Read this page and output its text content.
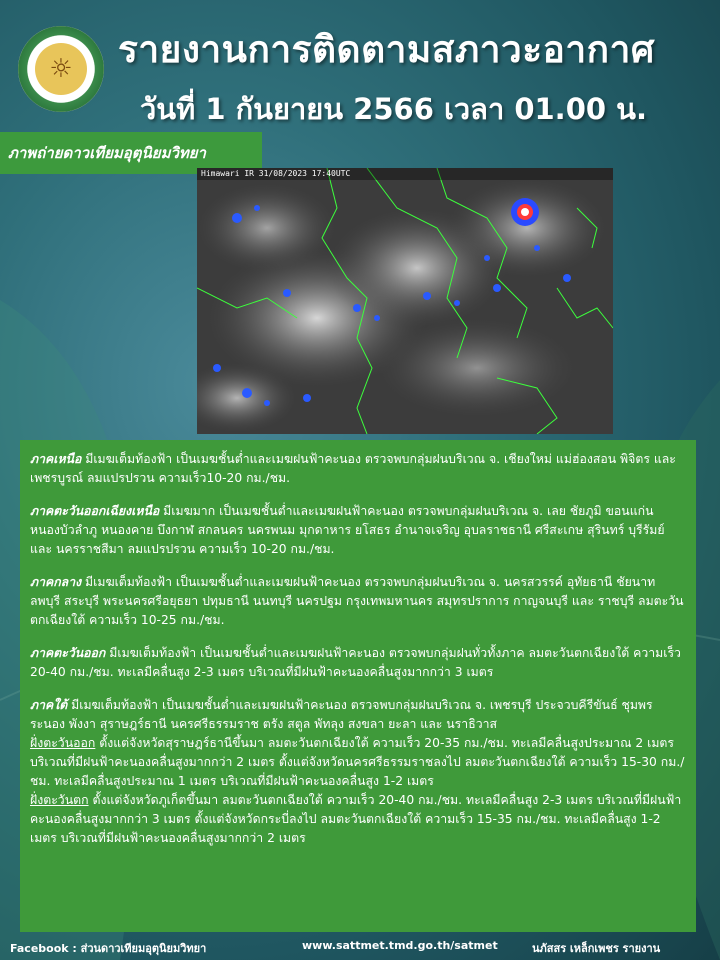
☼	รายงานการติดตามสภาวะอากาศ
วันที่ 1 กันยายน 2566 เวลา 01.00 น.
ภาพถ่ายดาวเทียมอุตุนิยมวิทยา
Himawari IR 31/08/2023 17:40UTC
ภาคเหนือ มีเมฆเต็มท้องฟ้า เป็นเมฆชั้นต่ำและเมฆฝนฟ้าคะนอง ตรวจพบกลุ่มฝนบริเวณ จ. เชียงใหม่ แม่ฮ่องสอน พิจิตร และ เพชรบูรณ์ ลมแปรปรวน ความเร็ว10-20 กม./ชม.
ภาคตะวันออกเฉียงเหนือ มีเมฆมาก เป็นเมฆชั้นต่ำและเมฆฝนฟ้าคะนอง ตรวจพบกลุ่มฝนบริเวณ จ. เลย ชัยภูมิ ขอนแก่น หนองบัวลำภู หนองคาย บึงกาฬ สกลนคร นครพนม มุกดาหาร ยโสธร อำนาจเจริญ อุบลราชธานี ศรีสะเกษ สุรินทร์ บุรีรัมย์ และ นครราชสีมา ลมแปรปรวน ความเร็ว 10-20 กม./ชม.
ภาคกลาง มีเมฆเต็มท้องฟ้า เป็นเมฆชั้นต่ำและเมฆฝนฟ้าคะนอง ตรวจพบกลุ่มฝนบริเวณ จ. นครสวรรค์ อุทัยธานี ชัยนาท ลพบุรี สระบุรี พระนครศรีอยุธยา ปทุมธานี นนทบุรี นครปฐม กรุงเทพมหานคร สมุทรปราการ กาญจนบุรี และ ราชบุรี ลมตะวันตกเฉียงใต้ ความเร็ว 10-25 กม./ชม.
ภาคตะวันออก มีเมฆเต็มท้องฟ้า เป็นเมฆชั้นต่ำและเมฆฝนฟ้าคะนอง ตรวจพบกลุ่มฝนทั่วทั้งภาค ลมตะวันตกเฉียงใต้ ความเร็ว 20-40 กม./ชม. ทะเลมีคลื่นสูง 2-3 เมตร บริเวณที่มีฝนฟ้าคะนองคลื่นสูงมากกว่า 3 เมตร
ภาคใต้ มีเมฆเต็มท้องฟ้า เป็นเมฆชั้นต่ำและเมฆฝนฟ้าคะนอง ตรวจพบกลุ่มฝนบริเวณ จ. เพชรบุรี ประจวบคีรีขันธ์ ชุมพร ระนอง พังงา สุราษฎร์ธานี นครศรีธรรมราช ตรัง สตูล พัทลุง สงขลา ยะลา และ นราธิวาส
ฝั่งตะวันออก ตั้งแต่จังหวัดสุราษฎร์ธานีขึ้นมา ลมตะวันตกเฉียงใต้ ความเร็ว 20-35 กม./ชม. ทะเลมีคลื่นสูงประมาณ 2 เมตร บริเวณที่มีฝนฟ้าคะนองคลื่นสูงมากกว่า 2 เมตร ตั้งแต่จังหวัดนครศรีธรรมราชลงไป ลมตะวันตกเฉียงใต้ ความเร็ว 15-30 กม./ชม. ทะเลมีคลื่นสูงประมาณ 1 เมตร บริเวณที่มีฝนฟ้าคะนองคลื่นสูง 1-2 เมตร
ฝั่งตะวันตก ตั้งแต่จังหวัดภูเก็ตขึ้นมา ลมตะวันตกเฉียงใต้ ความเร็ว 20-40 กม./ชม. ทะเลมีคลื่นสูง 2-3 เมตร บริเวณที่มีฝนฟ้าคะนองคลื่นสูงมากกว่า 3 เมตร ตั้งแต่จังหวัดกระบี่ลงไป ลมตะวันตกเฉียงใต้ ความเร็ว 15-35 กม./ชม. ทะเลมีคลื่นสูง 1-2 เมตร บริเวณที่มีฝนฟ้าคะนองคลื่นสูงมากกว่า 2 เมตร
Facebook : ส่วนดาวเทียมอุตุนิยมวิทยา	www.sattmet.tmd.go.th/satmet	นภัสสร เหล็กเพชร รายงาน
